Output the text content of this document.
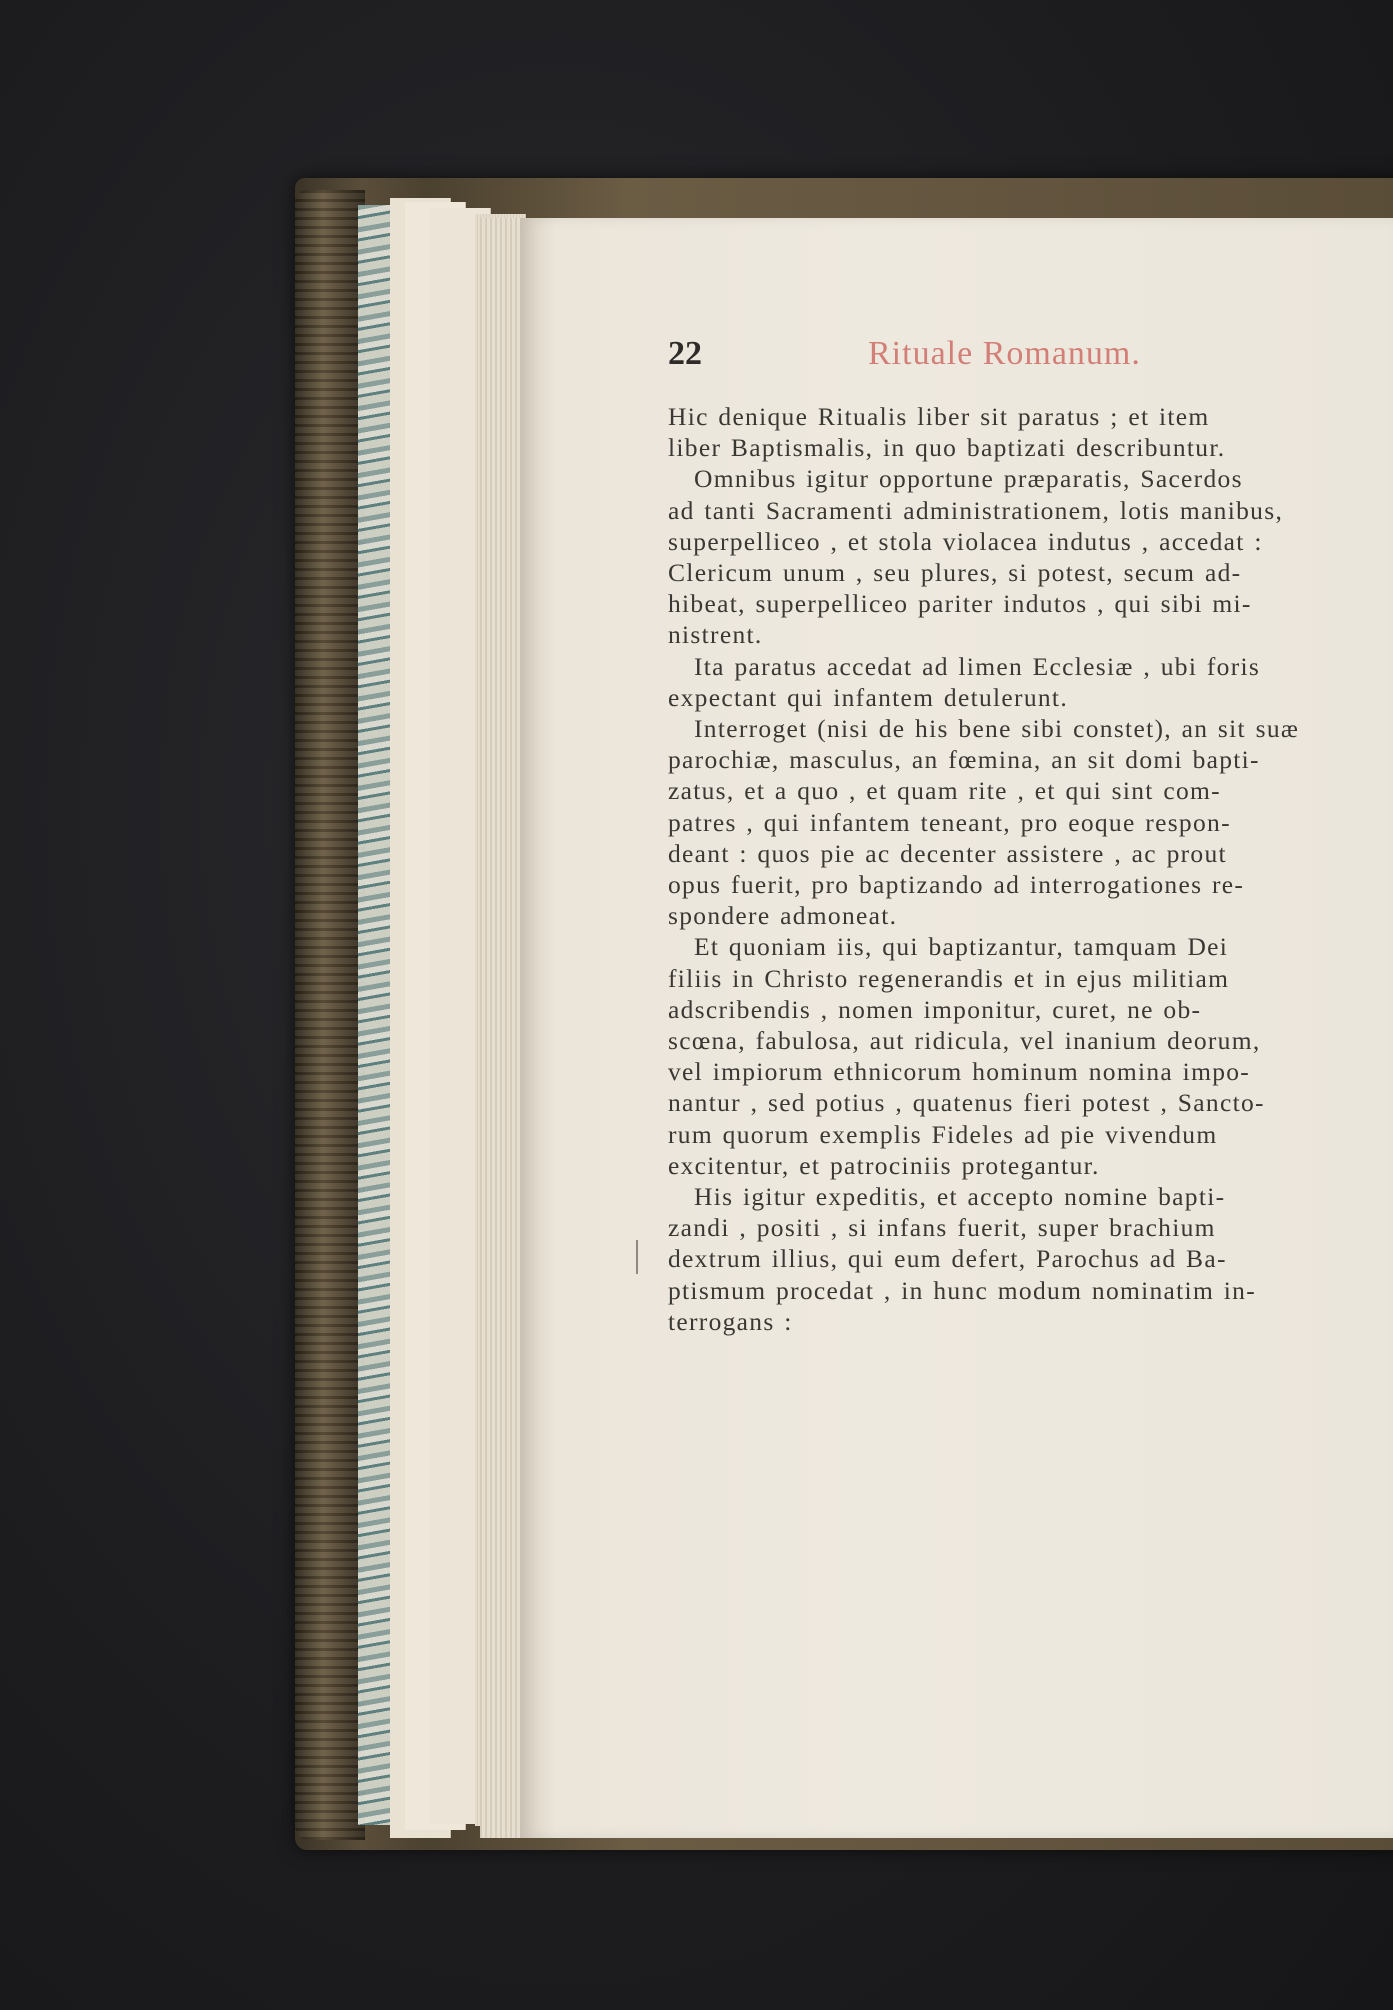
22	Rituale Romanum.

Hic denique Ritualis liber sit paratus ; et item
liber Baptismalis, in quo baptizati describuntur.

Omnibus igitur opportune præparatis, Sacerdos
ad tanti Sacramenti administrationem, lotis manibus,
superpelliceo , et stola violacea indutus , accedat :
Clericum unum , seu plures, si potest, secum ad-
hibeat, superpelliceo pariter indutos , qui sibi mi-
nistrent.

Ita paratus accedat ad limen Ecclesiæ , ubi foris
expectant qui infantem detulerunt.

Interroget (nisi de his bene sibi constet), an sit suæ
parochiæ, masculus, an fœmina, an sit domi bapti-
zatus, et a quo , et quam rite , et qui sint com-
patres , qui infantem teneant, pro eoque respon-
deant : quos pie ac decenter assistere , ac prout
opus fuerit, pro baptizando ad interrogationes re-
spondere admoneat.

Et quoniam iis, qui baptizantur, tamquam Dei
filiis in Christo regenerandis et in ejus militiam
adscribendis , nomen imponitur, curet, ne ob-
scœna, fabulosa, aut ridicula, vel inanium deorum,
vel impiorum ethnicorum hominum nomina impo-
nantur , sed potius , quatenus fieri potest , Sancto-
rum quorum exemplis Fideles ad pie vivendum
excitentur, et patrociniis protegantur.

His igitur expeditis, et accepto nomine bapti-
zandi , positi , si infans fuerit, super brachium
dextrum illius, qui eum defert, Parochus ad Ba-
ptismum procedat , in hunc modum nominatim in-
terrogans :
